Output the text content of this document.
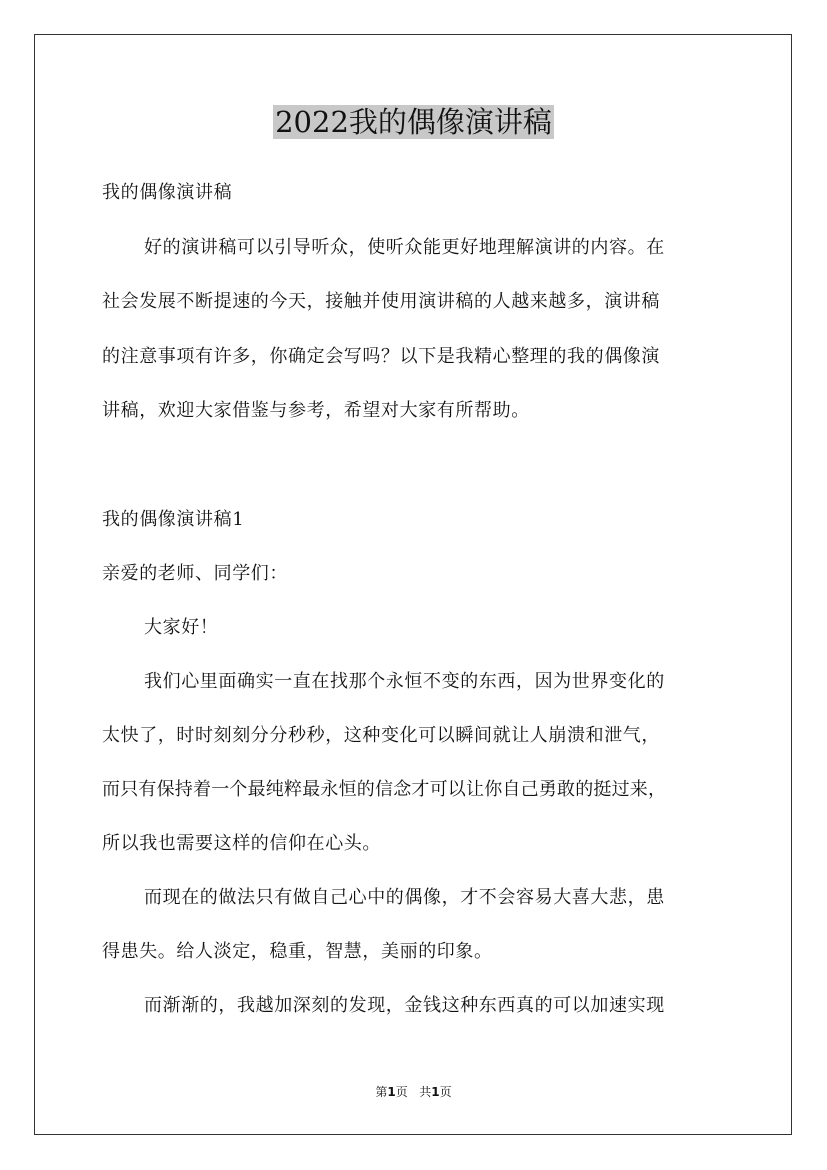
2022我的偶像演讲稿
我的偶像演讲稿
好的演讲稿可以引导听众，使听众能更好地理解演讲的内容。在
社会发展不断提速的今天，接触并使用演讲稿的人越来越多，演讲稿
的注意事项有许多，你确定会写吗？以下是我精心整理的我的偶像演
讲稿，欢迎大家借鉴与参考，希望对大家有所帮助。
我的偶像演讲稿1
亲爱的老师、同学们：
大家好！
我们心里面确实一直在找那个永恒不变的东西，因为世界变化的
太快了，时时刻刻分分秒秒，这种变化可以瞬间就让人崩溃和泄气，
而只有保持着一个最纯粹最永恒的信念才可以让你自己勇敢的挺过来，
所以我也需要这样的信仰在心头。
而现在的做法只有做自己心中的偶像，才不会容易大喜大悲，患
得患失。给人淡定，稳重，智慧，美丽的印象。
而渐渐的，我越加深刻的发现，金钱这种东西真的可以加速实现
第1页   共1页
